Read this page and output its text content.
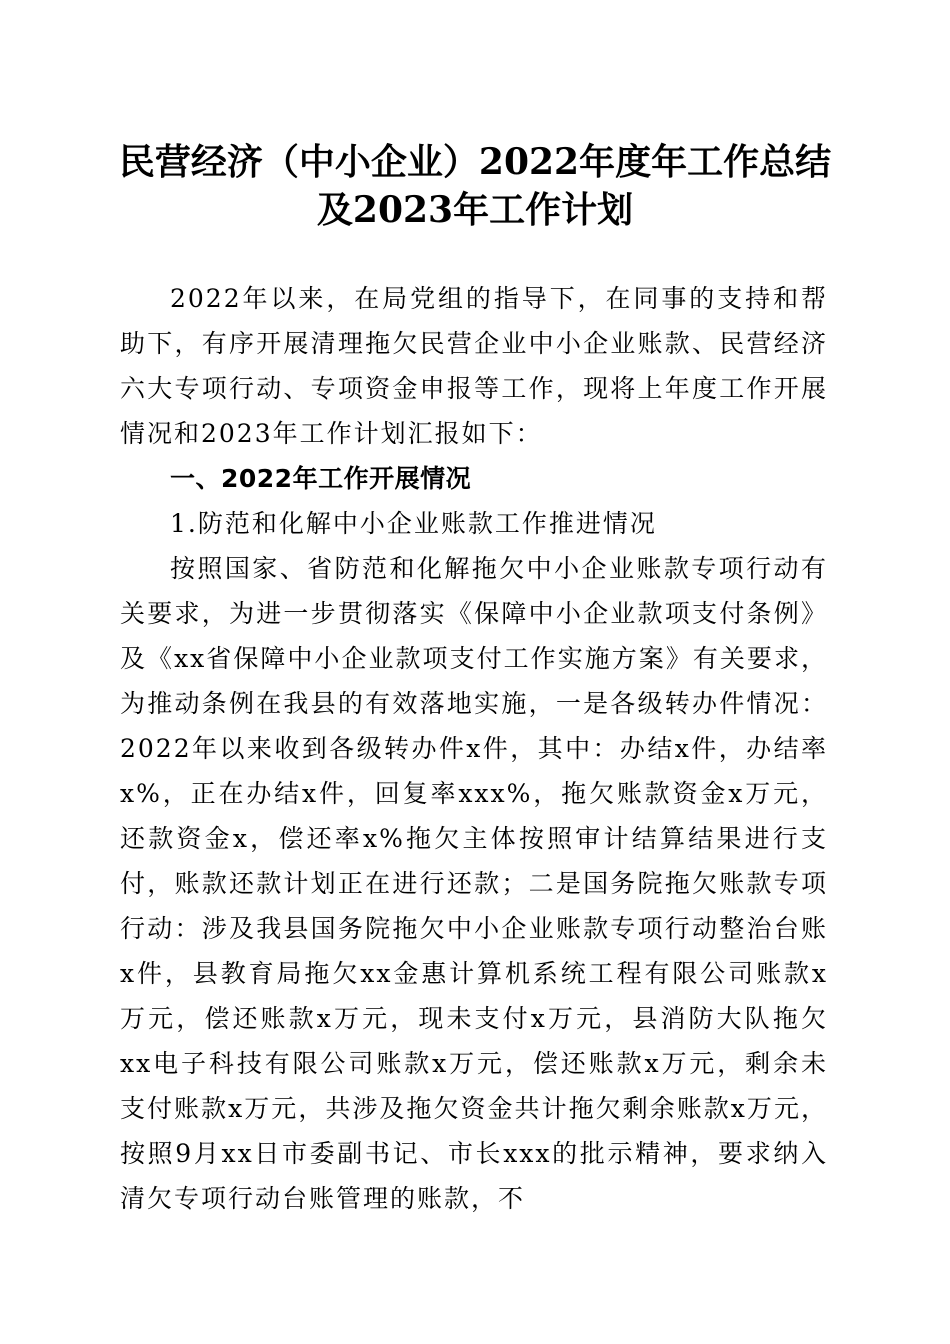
民营经济（中小企业）2022年度年工作总结
及2023年工作计划

2022年以来，在局党组的指导下，在同事的支持和帮助下，有序开展清理拖欠民营企业中小企业账款、民营经济六大专项行动、专项资金申报等工作，现将上年度工作开展情况和2023年工作计划汇报如下：

一、2022年工作开展情况

1.防范和化解中小企业账款工作推进情况

按照国家、省防范和化解拖欠中小企业账款专项行动有关要求，为进一步贯彻落实《保障中小企业款项支付条例》及《xx省保障中小企业款项支付工作实施方案》有关要求，为推动条例在我县的有效落地实施，一是各级转办件情况：2022年以来收到各级转办件x件，其中：办结x件，办结率x%，正在办结x件，回复率xxx%，拖欠账款资金x万元，还款资金x，偿还率x%拖欠主体按照审计结算结果进行支付，账款还款计划正在进行还款；二是国务院拖欠账款专项行动：涉及我县国务院拖欠中小企业账款专项行动整治台账x件，县教育局拖欠xx金惠计算机系统工程有限公司账款x万元，偿还账款x万元，现未支付x万元，县消防大队拖欠xx电子科技有限公司账款x万元，偿还账款x万元，剩余未支付账款x万元，共涉及拖欠资金共计拖欠剩余账款x万元，按照9月xx日市委副书记、市长xxx的批示精神，要求纳入清欠专项行动台账管理的账款，不
